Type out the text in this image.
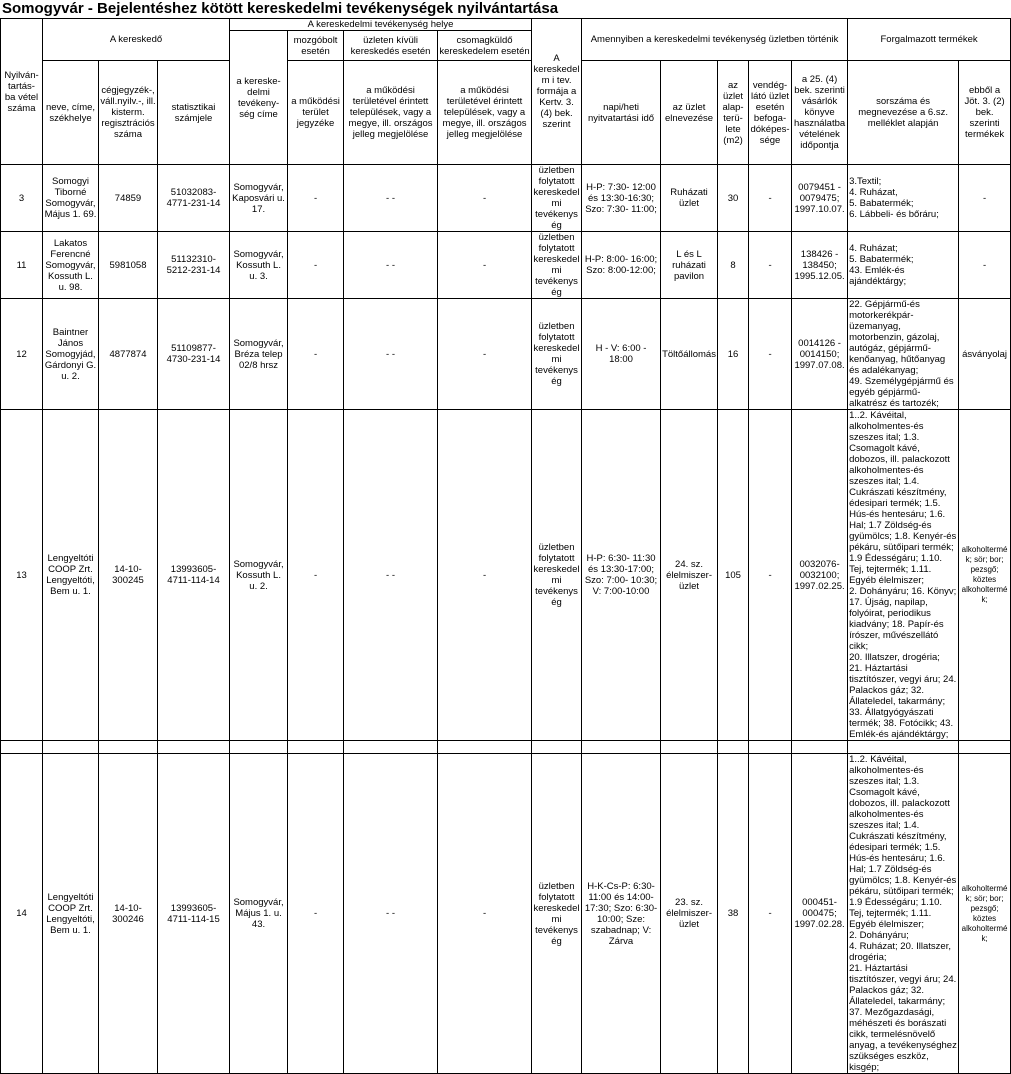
Somogyvár - Bejelentéshez kötött kereskedelmi tevékenységek nyilvántartása
Nyilván- tartás- ba vétel száma	A kereskedő			A kereskedelmi tevékenység helye				A kereskedelm i tev. formája a Kertv. 3. (4) bek. szerint	Amennyiben a kereskedelmi tevékenység üzletben történik					Forgalmazott termékek	
				a kereske- delmi tevékeny- ség címe	mozgóbolt esetén	üzleten kívüli kereskedés esetén	csomagküldő kereskedelem esetén								
	neve, címe, székhelye	cégjegyzék-, váll.nyilv.-, ill. kisterm. regisztrációs száma	statisztikai számjele		a működési terület jegyzéke	a működési területével érintett települések, vagy a megye, ill. országos jelleg megjelölése	a működési területével érintett települések, vagy a megye, ill. országos jelleg megjelölése		napi/heti nyitvatartási idő	az üzlet elnevezése	az üzlet alap- terü- lete (m2)	vendég- látó üzlet esetén befoga- dóképes- sége	a 25. (4) bek. szerinti vásárlók könyve használatba vételének időpontja	sorszáma és megnevezése a 6.sz. melléklet alapján	ebből a Jöt. 3. (2) bek. szerinti termékek
3	Somogyi Tiborné Somogyvár, Május 1. 69.	74859	51032083- 4771-231-14	Somogyvár, Kaposvári u. 17.	-	- -	-	üzletben folytatott kereskedelmi tevékenység	H-P: 7:30- 12:00 és 13:30-16:30; Szo: 7:30- 11:00;	Ruházati üzlet	30	-	0079451 - 0079475; 1997.10.07.	3.Textil;
4. Ruházat,
5. Babatermék;
6. Lábbeli- és bőráru;	-
11	Lakatos Ferencné Somogyvár, Kossuth L. u. 98.	5981058	51132310- 5212-231-14	Somogyvár, Kossuth L. u. 3.	-	- -	-	üzletben folytatott kereskedelmi tevékenység	H-P: 8:00- 16:00; Szo: 8:00-12:00;	L és L ruházati pavilon	8	-	138426 - 138450; 1995.12.05.	4. Ruházat;
5. Babatermék;
43. Emlék-és ajándéktárgy;	-
12	Baintner János Somogyjád, Gárdonyi G. u. 2.	4877874	51109877- 4730-231-14	Somogyvár, Bréza telep 02/8 hrsz	-	- -	-	üzletben folytatott kereskedelmi tevékenység	H - V: 6:00 - 18:00	Töltőállomás	16	-	0014126 - 0014150; 1997.07.08.	22. Gépjármű-és motorkerékpár-üzemanyag, motorbenzin, gázolaj, autógáz, gépjármű-kenőanyag, hűtőanyag és adalékanyag;
49. Személygépjármű és egyéb gépjármű-alkatrész és tartozék;	ásványolaj
13	Lengyeltóti COOP Zrt. Lengyeltóti, Bem u. 1.	14-10- 300245	13993605- 4711-114-14	Somogyvár, Kossuth L. u. 2.	-	- -	-	üzletben folytatott kereskedelmi tevékenység	H-P: 6:30- 11:30 és 13:30-17:00; Szo: 7:00- 10:30; V: 7:00-10:00	24. sz. élelmiszer- üzlet	105	-	0032076- 0032100; 1997.02.25.	1..2. Kávéital, alkoholmentes-és szeszes ital; 1.3. Csomagolt kávé, dobozos, ill. palackozott alkoholmentes-és szeszes ital; 1.4. Cukrászati készítmény, édesipari termék; 1.5. Hús-és hentesáru; 1.6. Hal; 1.7 Zöldség-és gyümölcs; 1.8. Kenyér-és pékáru, sütőipari termék; 1.9 Édességáru; 1.10. Tej, tejtermék; 1.11. Egyéb élelmiszer;
2. Dohányáru; 16. Könyv; 17. Újság, napilap, folyóirat, periodikus kiadvány; 18. Papír-és írószer, művészellátó cikk;
20. Illatszer, drogéria;
21. Háztartási tisztítószer, vegyi áru; 24. Palackos gáz; 32. Állateledel, takarmány; 33. Állatgyógyászati termék; 38. Fotócikk; 43. Emlék-és ajándéktárgy;	alkoholtermék; sör; bor; pezsgő; köztes alkoholtermék;

14	Lengyeltóti COOP Zrt. Lengyeltóti, Bem u. 1.	14-10- 300246	13993605- 4711-114-15	Somogyvár, Május 1. u. 43.	-	- -	-	üzletben folytatott kereskedelmi tevékenység	H-K-Cs-P: 6:30-11:00 és 14:00-17:30; Szo: 6:30- 10:00; Sze: szabadnap; V: Zárva	23. sz. élelmiszer- üzlet	38	-	000451- 000475; 1997.02.28.	1..2. Kávéital, alkoholmentes-és szeszes ital; 1.3. Csomagolt kávé, dobozos, ill. palackozott alkoholmentes-és szeszes ital; 1.4. Cukrászati készítmény, édesipari termék; 1.5. Hús-és hentesáru; 1.6. Hal; 1.7 Zöldség-és gyümölcs; 1.8. Kenyér-és pékáru, sütőipari termék; 1.9 Édességáru; 1.10. Tej, tejtermék; 1.11. Egyéb élelmiszer;
2. Dohányáru;
4. Ruházat; 20. Illatszer, drogéria;
21. Háztartási tisztítószer, vegyi áru; 24. Palackos gáz; 32. Állateledel, takarmány; 37. Mezőgazdasági, méhészeti és borászati cikk, termelésnövelő anyag, a tevékenységhez szükséges eszköz, kisgép;	alkoholtermék; sör; bor; pezsgő; köztes alkoholtermék;
